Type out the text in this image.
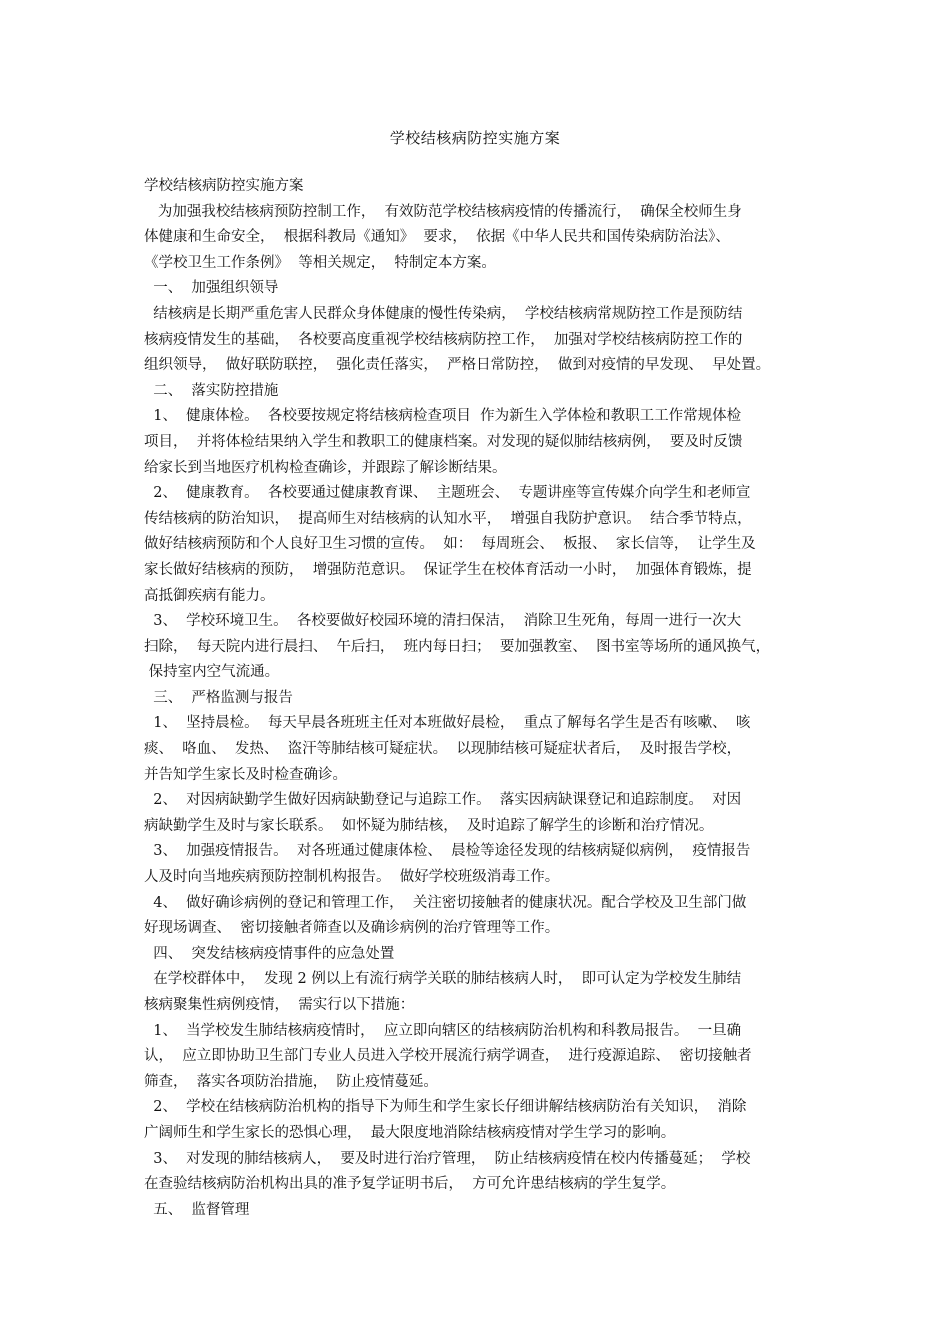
学校结核病防控实施方案
学校结核病防控实施方案
为加强我校结核病预防控制工作，  有效防范学校结核病疫情的传播流行，  确保全校师生身
体健康和生命安全，  根据科教局《通知》  要求，  依据《中华人民共和国传染病防治法》、
《学校卫生工作条例》  等相关规定，  特制定本方案。
一、  加强组织领导
结核病是长期严重危害人民群众身体健康的慢性传染病，  学校结核病常规防控工作是预防结
核病疫情发生的基础，  各校要高度重视学校结核病防控工作，  加强对学校结核病防控工作的
组织领导，  做好联防联控，  强化责任落实，  严格日常防控，  做到对疫情的早发现、  早处置。
二、  落实防控措施
1、  健康体检。  各校要按规定将结核病检查项目  作为新生入学体检和教职工工作常规体检
项目，  并将体检结果纳入学生和教职工的健康档案。对发现的疑似肺结核病例，  要及时反馈
给家长到当地医疗机构检查确诊，并跟踪了解诊断结果。
2、  健康教育。  各校要通过健康教育课、  主题班会、  专题讲座等宣传媒介向学生和老师宣
传结核病的防治知识，  提高师生对结核病的认知水平，  增强自我防护意识。  结合季节特点，
做好结核病预防和个人良好卫生习惯的宣传。  如：  每周班会、  板报、  家长信等，  让学生及
家长做好结核病的预防，  增强防范意识。  保证学生在校体育活动一小时，  加强体育锻炼，提
高抵御疾病有能力。
3、  学校环境卫生。  各校要做好校园环境的清扫保洁，  消除卫生死角，每周一进行一次大
扫除，  每天院内进行晨扫、  午后扫，  班内每日扫；  要加强教室、  图书室等场所的通风换气，
保持室内空气流通。
三、  严格监测与报告
1、  坚持晨检。  每天早晨各班班主任对本班做好晨检，  重点了解每名学生是否有咳嗽、  咳
痰、  咯血、  发热、  盗汗等肺结核可疑症状。  以现肺结核可疑症状者后，  及时报告学校，
并告知学生家长及时检查确诊。
2、  对因病缺勤学生做好因病缺勤登记与追踪工作。  落实因病缺课登记和追踪制度。  对因
病缺勤学生及时与家长联系。  如怀疑为肺结核，  及时追踪了解学生的诊断和治疗情况。
3、  加强疫情报告。  对各班通过健康体检、  晨检等途径发现的结核病疑似病例，  疫情报告
人及时向当地疾病预防控制机构报告。  做好学校班级消毒工作。
4、  做好确诊病例的登记和管理工作，  关注密切接触者的健康状况。配合学校及卫生部门做
好现场调查、  密切接触者筛查以及确诊病例的治疗管理等工作。
四、  突发结核病疫情事件的应急处置
在学校群体中，  发现 2 例以上有流行病学关联的肺结核病人时，  即可认定为学校发生肺结
核病聚集性病例疫情，  需实行以下措施：
1、  当学校发生肺结核病疫情时，  应立即向辖区的结核病防治机构和科教局报告。  一旦确
认，  应立即协助卫生部门专业人员进入学校开展流行病学调查，  进行疫源追踪、  密切接触者
筛查，  落实各项防治措施，  防止疫情蔓延。
2、  学校在结核病防治机构的指导下为师生和学生家长仔细讲解结核病防治有关知识，  消除
广阔师生和学生家长的恐惧心理，  最大限度地消除结核病疫情对学生学习的影响。
3、  对发现的肺结核病人，  要及时进行治疗管理，  防止结核病疫情在校内传播蔓延；  学校
在查验结核病防治机构出具的准予复学证明书后，  方可允许患结核病的学生复学。
五、  监督管理
